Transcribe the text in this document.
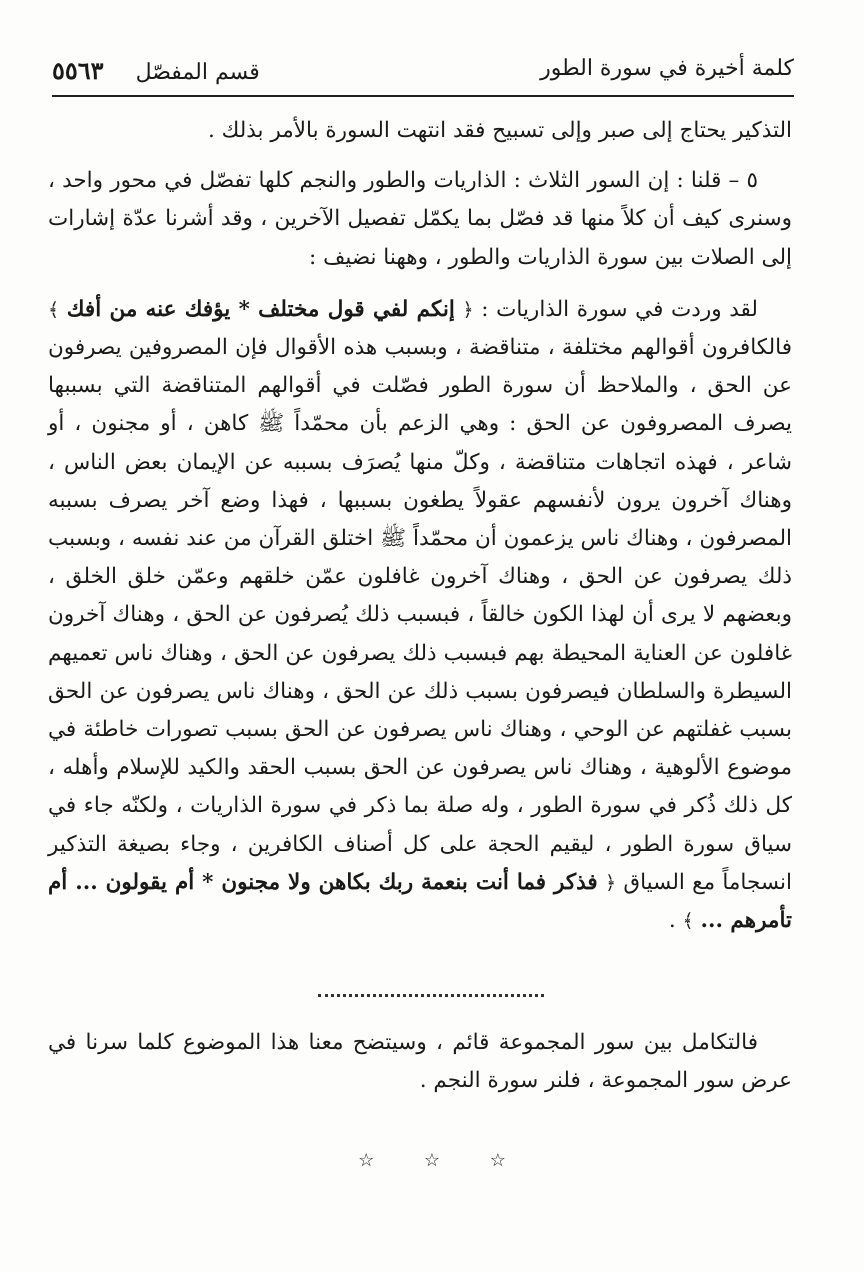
كلمة أخيرة في سورة الطور
قسم المفصّل٥٥٦٣

التذكير يحتاج إلى صبر وإلى تسبيح فقد انتهت السورة بالأمر بذلك .

٥ – قلنا : إن السور الثلاث : الذاريات والطور والنجم كلها تفصّل في محور واحد ، وسنرى كيف أن كلاً منها قد فصّل بما يكمّل تفصيل الآخرين ، وقد أشرنا عدّة إشارات إلى الصلات بين سورة الذاريات والطور ، وههنا نضيف :

لقد وردت في سورة الذاريات : ﴿ إنكم لفي قول مختلف * يؤفك عنه من أفك ﴾ فالكافرون أقوالهم مختلفة ، متناقضة ، وبسبب هذه الأقوال فإن المصروفين يصرفون عن الحق ، والملاحظ أن سورة الطور فصّلت في أقوالهم المتناقضة التي بسببها يصرف المصروفون عن الحق : وهي الزعم بأن محمّداً ﷺ كاهن ، أو مجنون ، أو شاعر ، فهذه اتجاهات متناقضة ، وكلّ منها يُصرَف بسببه عن الإيمان بعض الناس ، وهناك آخرون يرون لأنفسهم عقولاً يطغون بسببها ، فهذا وضع آخر يصرف بسببه المصرفون ، وهناك ناس يزعمون أن محمّداً ﷺ اختلق القرآن من عند نفسه ، وبسبب ذلك يصرفون عن الحق ، وهناك آخرون غافلون عمّن خلقهم وعمّن خلق الخلق ، وبعضهم لا يرى أن لهذا الكون خالقاً ، فبسبب ذلك يُصرفون عن الحق ، وهناك آخرون غافلون عن العناية المحيطة بهم فبسبب ذلك يصرفون عن الحق ، وهناك ناس تعميهم السيطرة والسلطان فيصرفون بسبب ذلك عن الحق ، وهناك ناس يصرفون عن الحق بسبب غفلتهم عن الوحي ، وهناك ناس يصرفون عن الحق بسبب تصورات خاطئة في موضوع الألوهية ، وهناك ناس يصرفون عن الحق بسبب الحقد والكيد للإسلام وأهله ، كل ذلك ذُكر في سورة الطور ، وله صلة بما ذكر في سورة الذاريات ، ولكنّه جاء في سياق سورة الطور ، ليقيم الحجة على كل أصناف الكافرين ، وجاء بصيغة التذكير انسجاماً مع السياق ﴿ فذكر فما أنت بنعمة ربك بكاهن ولا مجنون * أم يقولون ... أم تأمرهم ... ﴾ .

فالتكامل بين سور المجموعة قائم ، وسيتضح معنا هذا الموضوع كلما سرنا في عرض سور المجموعة ، فلنر سورة النجم .

☆ ☆ ☆
